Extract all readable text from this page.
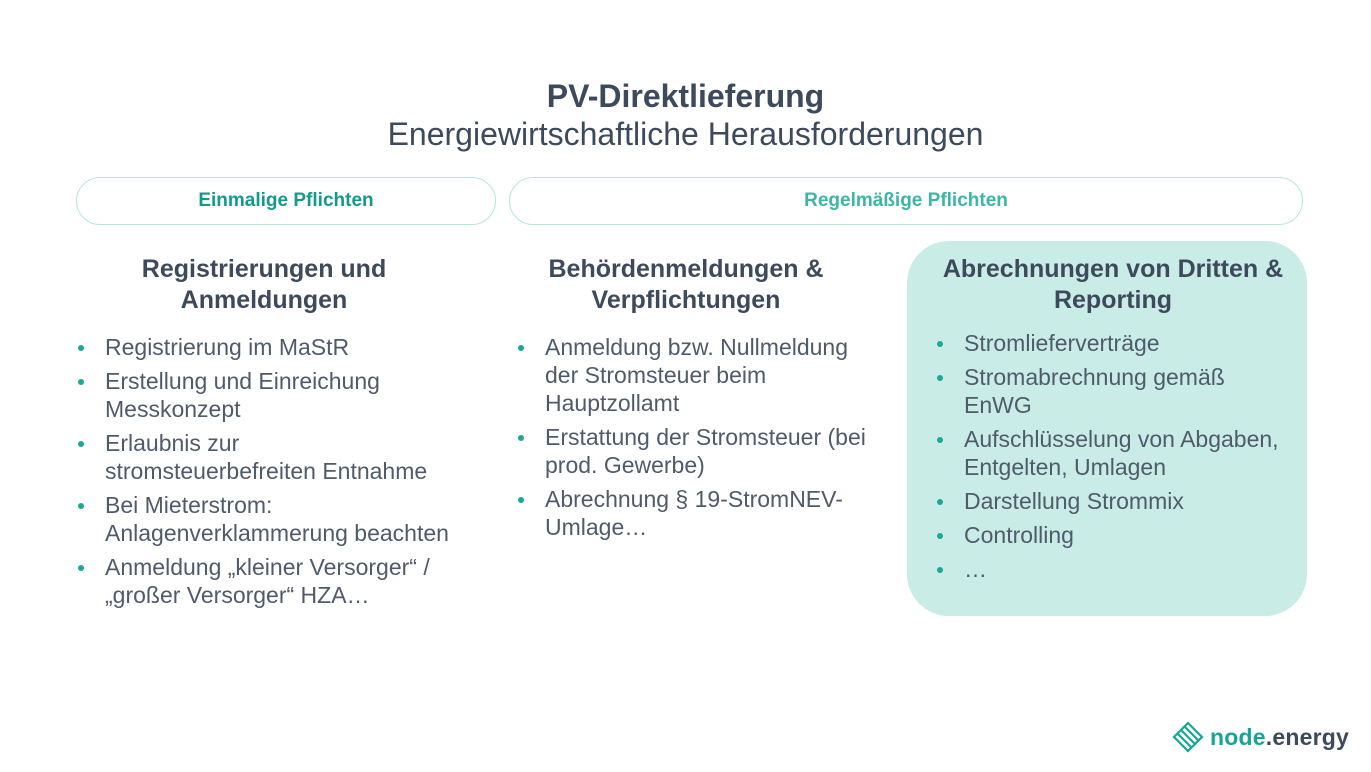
PV-Direktlieferung
Energiewirtschaftliche Herausforderungen
Einmalige Pflichten	Regelmäßige Pflichten
Registrierungen und
Anmeldungen
Registrierung im MaStR
Erstellung und Einreichung Messkonzept
Erlaubnis zur stromsteuerbefreiten Entnahme
Bei Mieterstrom: Anlagenverklammerung beachten
Anmeldung „kleiner Versorger“ / „großer Versorger“ HZA…
Behördenmeldungen &
Verpflichtungen
Anmeldung bzw. Nullmeldung der Stromsteuer beim Hauptzollamt
Erstattung der Stromsteuer (bei prod. Gewerbe)
Abrechnung § 19-StromNEV-Umlage…
Abrechnungen von Dritten &
Reporting
Stromlieferverträge
Stromabrechnung gemäß EnWG
Aufschlüsselung von Abgaben, Entgelten, Umlagen
Darstellung Strommix
Controlling
…
node.energy
